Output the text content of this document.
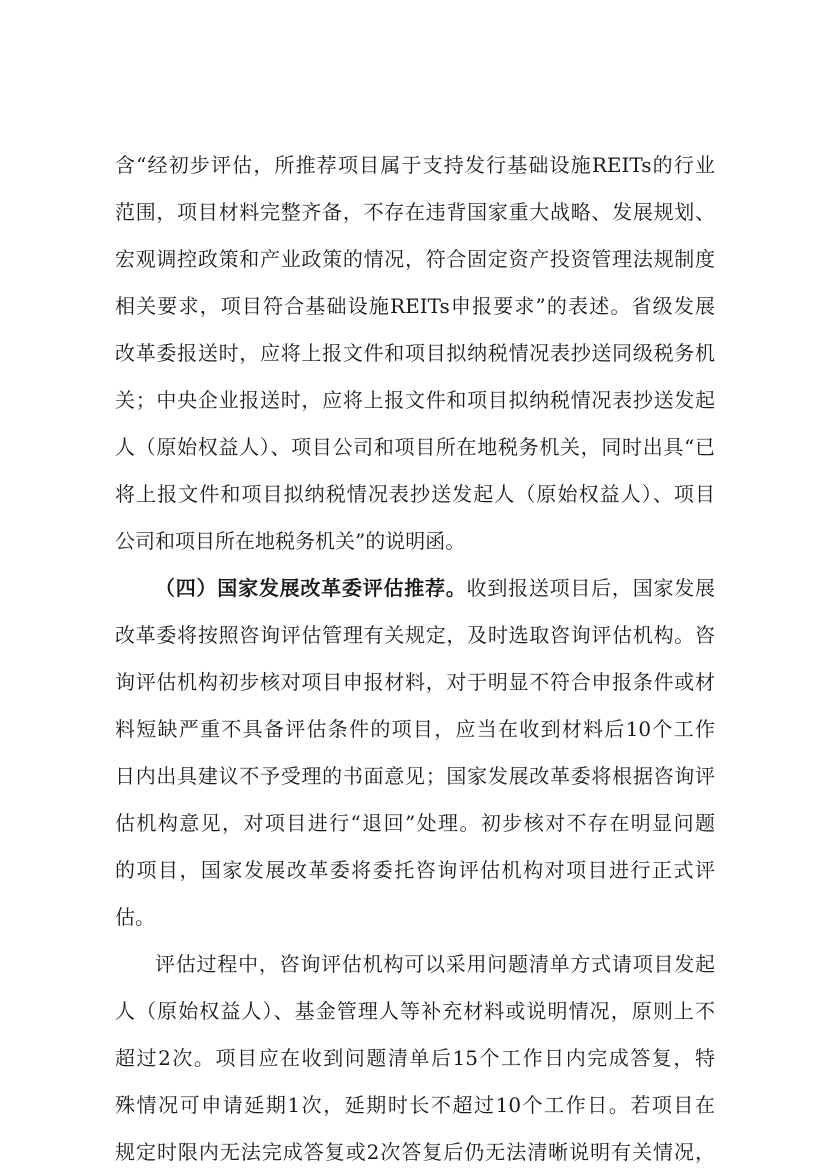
含“经初步评估，所推荐项目属于支持发行基础设施REITs的行业
范围，项目材料完整齐备，不存在违背国家重大战略、发展规划、
宏观调控政策和产业政策的情况，符合固定资产投资管理法规制度
相关要求，项目符合基础设施REITs申报要求”的表述。省级发展
改革委报送时，应将上报文件和项目拟纳税情况表抄送同级税务机
关；中央企业报送时，应将上报文件和项目拟纳税情况表抄送发起
人（原始权益人）、项目公司和项目所在地税务机关，同时出具“已
将上报文件和项目拟纳税情况表抄送发起人（原始权益人）、项目
公司和项目所在地税务机关”的说明函。
（四）国家发展改革委评估推荐。收到报送项目后，国家发展
改革委将按照咨询评估管理有关规定，及时选取咨询评估机构。咨
询评估机构初步核对项目申报材料，对于明显不符合申报条件或材
料短缺严重不具备评估条件的项目，应当在收到材料后10个工作
日内出具建议不予受理的书面意见；国家发展改革委将根据咨询评
估机构意见，对项目进行“退回”处理。初步核对不存在明显问题
的项目，国家发展改革委将委托咨询评估机构对项目进行正式评
估。
评估过程中，咨询评估机构可以采用问题清单方式请项目发起
人（原始权益人）、基金管理人等补充材料或说明情况，原则上不
超过2次。项目应在收到问题清单后15个工作日内完成答复，特
殊情况可申请延期1次，延期时长不超过10个工作日。若项目在
规定时限内无法完成答复或2次答复后仍无法清晰说明有关情况，
